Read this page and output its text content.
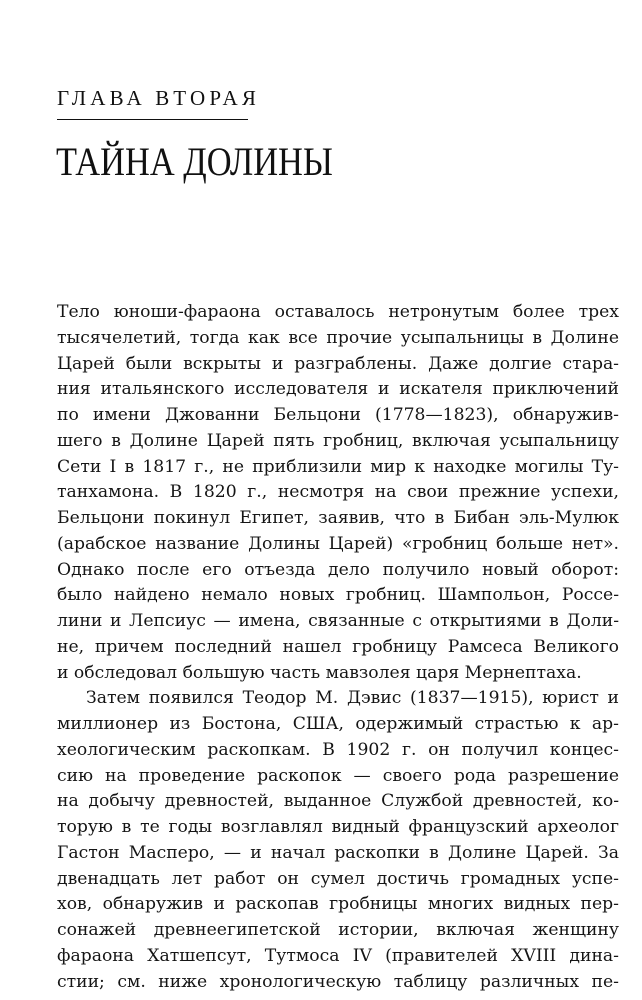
ГЛАВА ВТОРАЯ
ТАЙНА ДОЛИНЫ
Тело юноши-фараона оставалось нетронутым более трех
тысячелетий, тогда как все прочие усыпальницы в Долине
Царей были вскрыты и разграблены. Даже долгие стара-
ния итальянского исследователя и искателя приключений
по имени Джованни Бельцони (1778—1823), обнаружив-
шего в Долине Царей пять гробниц, включая усыпальницу
Сети I в 1817 г., не приблизили мир к находке могилы Ту-
танхамона. В 1820 г., несмотря на свои прежние успехи,
Бельцони покинул Египет, заявив, что в Бибан эль-Мулюк
(арабское название Долины Царей) «гробниц больше нет».
Однако после его отъезда дело получило новый оборот:
было найдено немало новых гробниц. Шампольон, Россе-
лини и Лепсиус — имена, связанные с открытиями в Доли-
не, причем последний нашел гробницу Рамсеса Великого
и обследовал большую часть мавзолея царя Мернептаха.
Затем появился Теодор М. Дэвис (1837—1915), юрист и
миллионер из Бостона, США, одержимый страстью к ар-
хеологическим раскопкам. В 1902 г. он получил концес-
сию на проведение раскопок — своего рода разрешение
на добычу древностей, выданное Службой древностей, ко-
торую в те годы возглавлял видный французский археолог
Гастон Масперо, — и начал раскопки в Долине Царей. За
двенадцать лет работ он сумел достичь громадных успе-
хов, обнаружив и раскопав гробницы многих видных пер-
сонажей древнеегипетской истории, включая женщину
фараона Хатшепсут, Тутмоса IV (правителей XVIII дина-
стии; см. ниже хронологическую таблицу различных пе-
